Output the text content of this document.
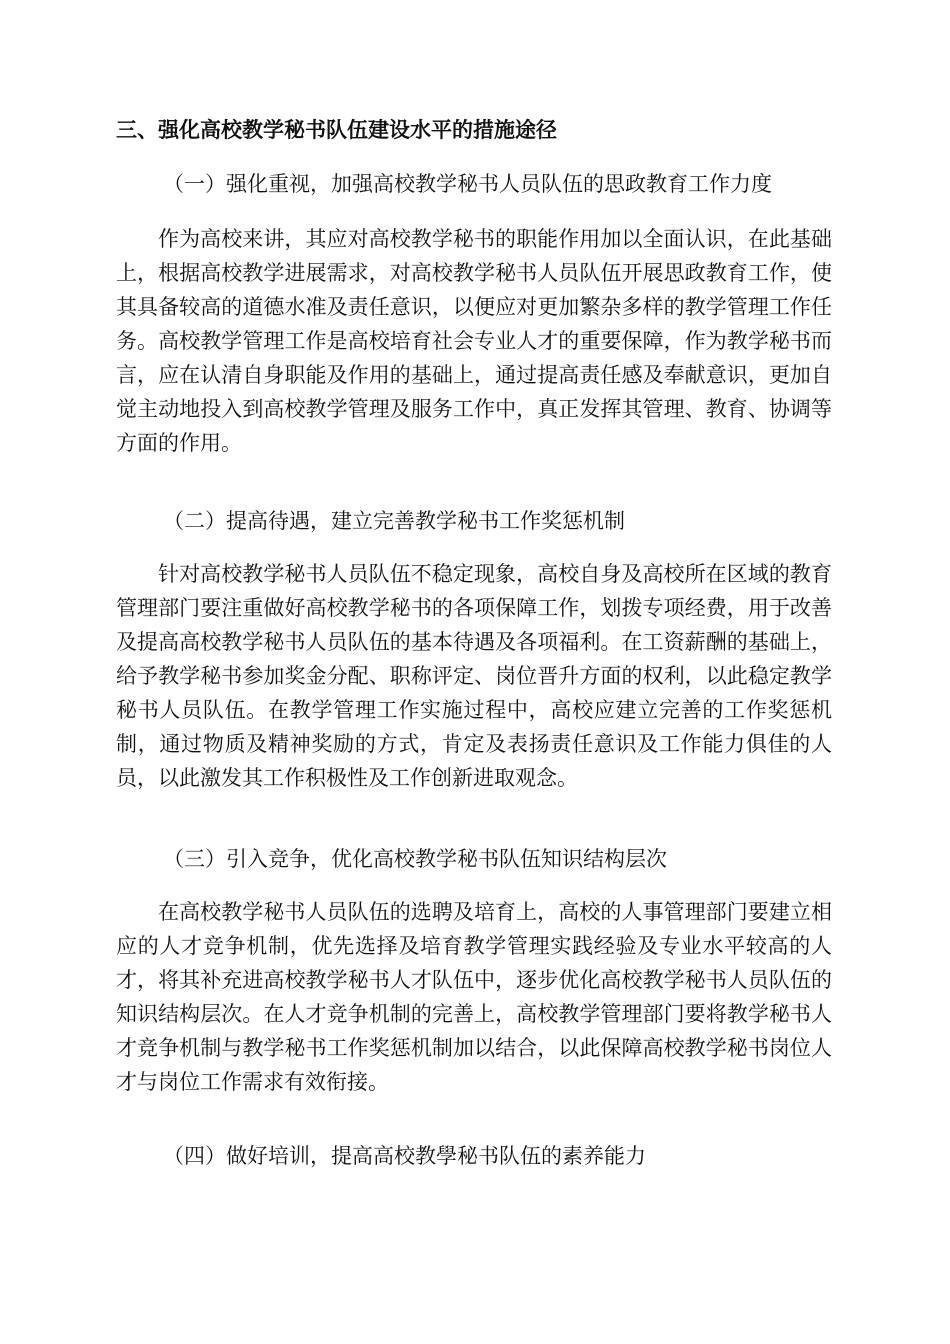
三、强化高校教学秘书队伍建设水平的措施途径
（一）强化重视，加强高校教学秘书人员队伍的思政教育工作力度
作为高校来讲，其应对高校教学秘书的职能作用加以全面认识，在此基础上，根据高校教学进展需求，对高校教学秘书人员队伍开展思政教育工作，使其具备较高的道德水准及责任意识，以便应对更加繁杂多样的教学管理工作任务。高校教学管理工作是高校培育社会专业人才的重要保障，作为教学秘书而言，应在认清自身职能及作用的基础上，通过提高责任感及奉献意识，更加自觉主动地投入到高校教学管理及服务工作中，真正发挥其管理、教育、协调等方面的作用。
（二）提高待遇，建立完善教学秘书工作奖惩机制
针对高校教学秘书人员队伍不稳定现象，高校自身及高校所在区域的教育管理部门要注重做好高校教学秘书的各项保障工作，划拨专项经费，用于改善及提高高校教学秘书人员队伍的基本待遇及各项福利。在工资薪酬的基础上，给予教学秘书参加奖金分配、职称评定、岗位晋升方面的权利，以此稳定教学秘书人员队伍。在教学管理工作实施过程中，高校应建立完善的工作奖惩机制，通过物质及精神奖励的方式，肯定及表扬责任意识及工作能力俱佳的人员，以此激发其工作积极性及工作创新进取观念。
（三）引入竞争，优化高校教学秘书队伍知识结构层次
在高校教学秘书人员队伍的选聘及培育上，高校的人事管理部门要建立相应的人才竞争机制，优先选择及培育教学管理实践经验及专业水平较高的人才，将其补充进高校教学秘书人才队伍中，逐步优化高校教学秘书人员队伍的知识结构层次。在人才竞争机制的完善上，高校教学管理部门要将教学秘书人才竞争机制与教学秘书工作奖惩机制加以结合，以此保障高校教学秘书岗位人才与岗位工作需求有效衔接。
（四）做好培训，提高高校教學秘书队伍的素养能力
